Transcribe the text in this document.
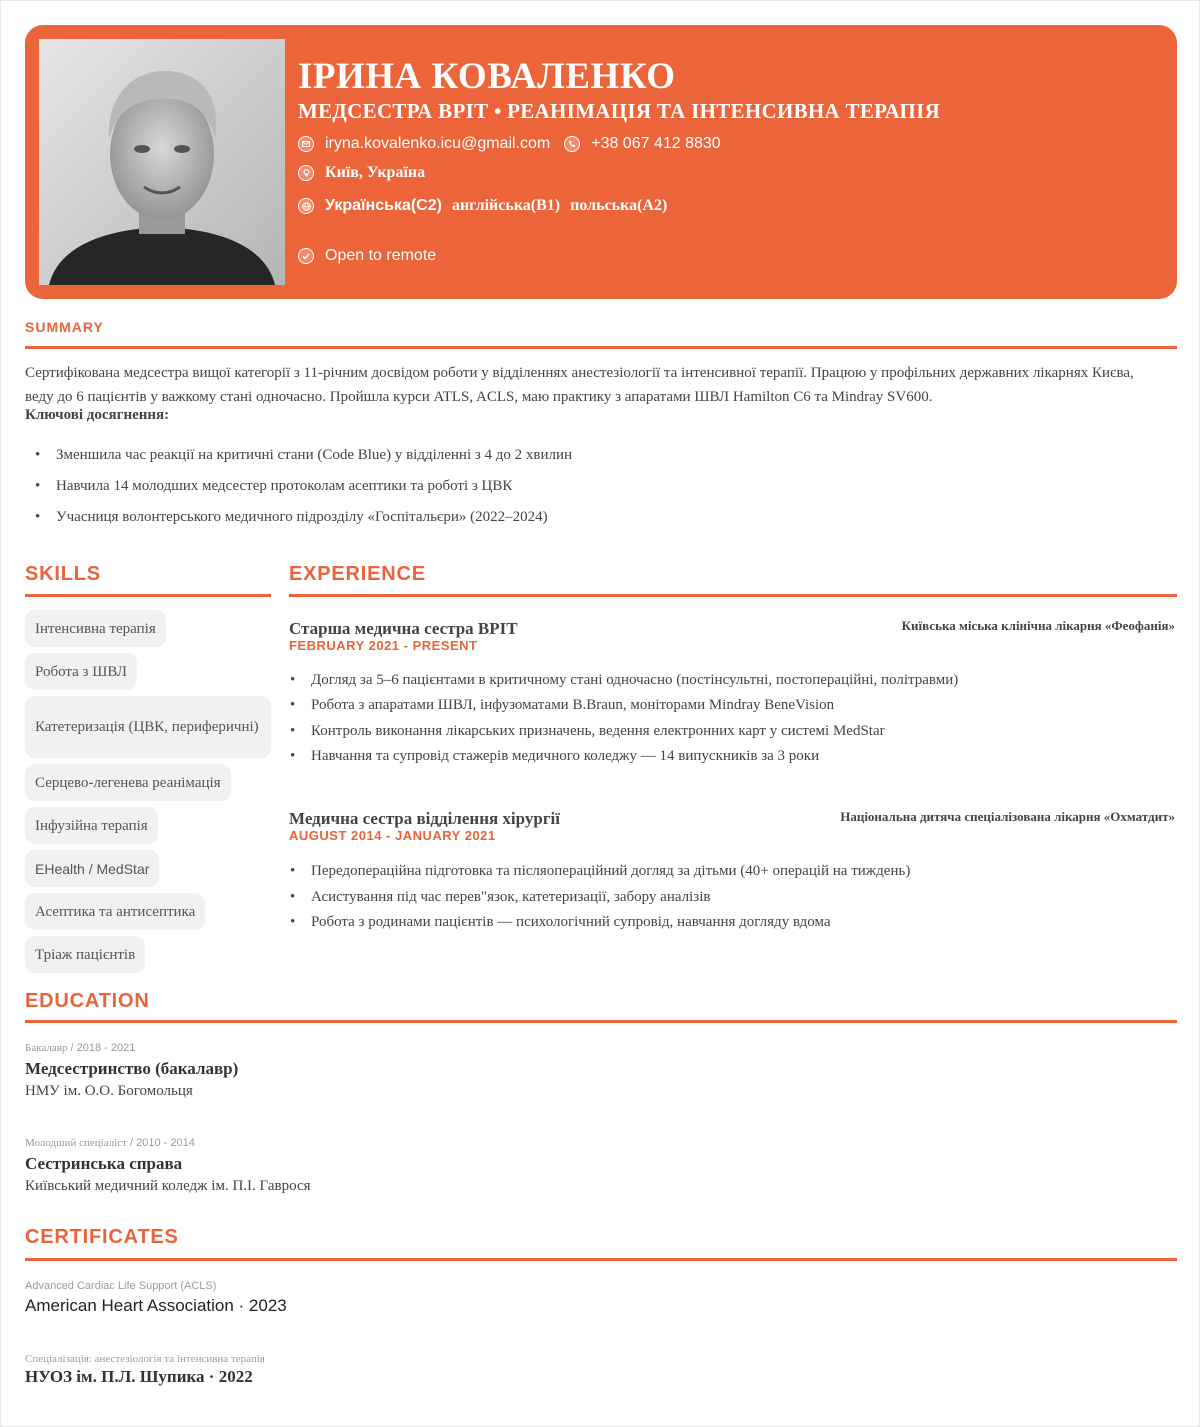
ІРИНА КОВАЛЕНКО
МЕДСЕСТРА ВРІТ • РЕАНІМАЦІЯ ТА ІНТЕНСИВНА ТЕРАПІЯ
iryna.kovalenko.icu@gmail.com	+38 067 412 8830
Київ, Україна
Українська(C2) англійська(B1) польська(A2)
Open to remote
SUMMARY
Сертифікована медсестра вищої категорії з 11-річним досвідом роботи у відділеннях анестезіології та інтенсивної терапії. Працюю у профільних державних лікарнях Києва, веду до 6 пацієнтів у важкому стані одночасно. Пройшла курси ATLS, ACLS, маю практику з апаратами ШВЛ Hamilton C6 та Mindray SV600.
Ключові досягнення:
• Зменшила час реакції на критичні стани (Code Blue) у відділенні з 4 до 2 хвилин
• Навчила 14 молодших медсестер протоколам асептики та роботі з ЦВК
• Учасниця волонтерського медичного підрозділу «Госпітальєри» (2022–2024)
SKILLS
Інтенсивна терапія
Робота з ШВЛ
Катетеризація (ЦВК, периферичні)
Серцево-легенева реанімація
Інфузійна терапія
EHealth / MedStar
Асептика та антисептика
Тріаж пацієнтів
EXPERIENCE
Старша медична сестра ВРІТ	Київська міська клінічна лікарня «Феофанія»
FEBRUARY 2021 - PRESENT
• Догляд за 5–6 пацієнтами в критичному стані одночасно (постінсультні, постопераційні, політравми)
• Робота з апаратами ШВЛ, інфузоматами B.Braun, моніторами Mindray BeneVision
• Контроль виконання лікарських призначень, ведення електронних карт у системі MedStar
• Навчання та супровід стажерів медичного коледжу — 14 випускників за 3 роки
Медична сестра відділення хірургії	Національна дитяча спеціалізована лікарня «Охматдит»
AUGUST 2014 - JANUARY 2021
• Передопераційна підготовка та післяопераційний догляд за дітьми (40+ операцій на тиждень)
• Асистування під час перев"язок, катетеризації, забору аналізів
• Робота з родинами пацієнтів — психологічний супровід, навчання догляду вдома
EDUCATION
Бакалавр / 2018 - 2021
Медсестринство (бакалавр)
НМУ ім. О.О. Богомольця
Молодший спеціаліст / 2010 - 2014
Сестринська справа
Київський медичний коледж ім. П.І. Гаврося
CERTIFICATES
Advanced Cardiac Life Support (ACLS)
American Heart Association · 2023
Спеціалізація: анестезіологія та інтенсивна терапія
НУОЗ ім. П.Л. Шупика · 2022
